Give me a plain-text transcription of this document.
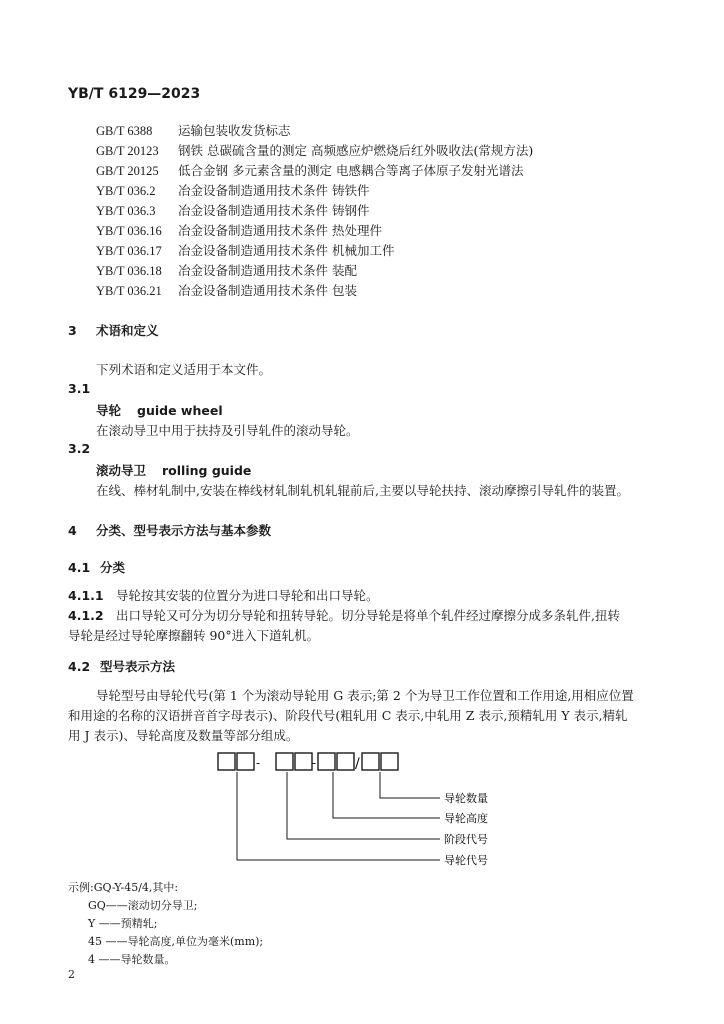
YB/T 6129—2023
GB/T 6388 运输包装收发货标志
GB/T 20123 钢铁 总碳硫含量的测定 高频感应炉燃烧后红外吸收法(常规方法)
GB/T 20125 低合金钢 多元素含量的测定 电感耦合等离子体原子发射光谱法
YB/T 036.2 冶金设备制造通用技术条件 铸铁件
YB/T 036.3 冶金设备制造通用技术条件 铸钢件
YB/T 036.16 冶金设备制造通用技术条件 热处理件
YB/T 036.17 冶金设备制造通用技术条件 机械加工件
YB/T 036.18 冶金设备制造通用技术条件 装配
YB/T 036.21 冶金设备制造通用技术条件 包装
3 术语和定义
下列术语和定义适用于本文件。
3.1
导轮 guide wheel
在滚动导卫中用于扶持及引导轧件的滚动导轮。
3.2
滚动导卫 rolling guide
在线、棒材轧制中,安装在棒线材轧制轧机轧辊前后,主要以导轮扶持、滚动摩擦引导轧件的装置。
4 分类、型号表示方法与基本参数
4.1 分类
4.1.1 导轮按其安装的位置分为进口导轮和出口导轮。
4.1.2 出口导轮又可分为切分导轮和扭转导轮。切分导轮是将单个轧件经过摩擦分成多条轧件,扭转
导轮是经过导轮摩擦翻转 90°进入下道轧机。
4.2 型号表示方法
导轮型号由导轮代号(第 1 个为滚动导轮用 G 表示;第 2 个为导卫工作位置和工作用途,用相应位置
和用途的名称的汉语拼音首字母表示)、阶段代号(粗轧用 C 表示,中轧用 Z 表示,预精轧用 Y 表示,精轧
用 J 表示)、导轮高度及数量等部分组成。
-	-	/
导轮数量
导轮高度
阶段代号
导轮代号
示例:GQ-Y-45/4,其中:
GQ——滚动切分导卫;
Y ——预精轧;
45 ——导轮高度,单位为毫米(mm);
4 ——导轮数量。
2
